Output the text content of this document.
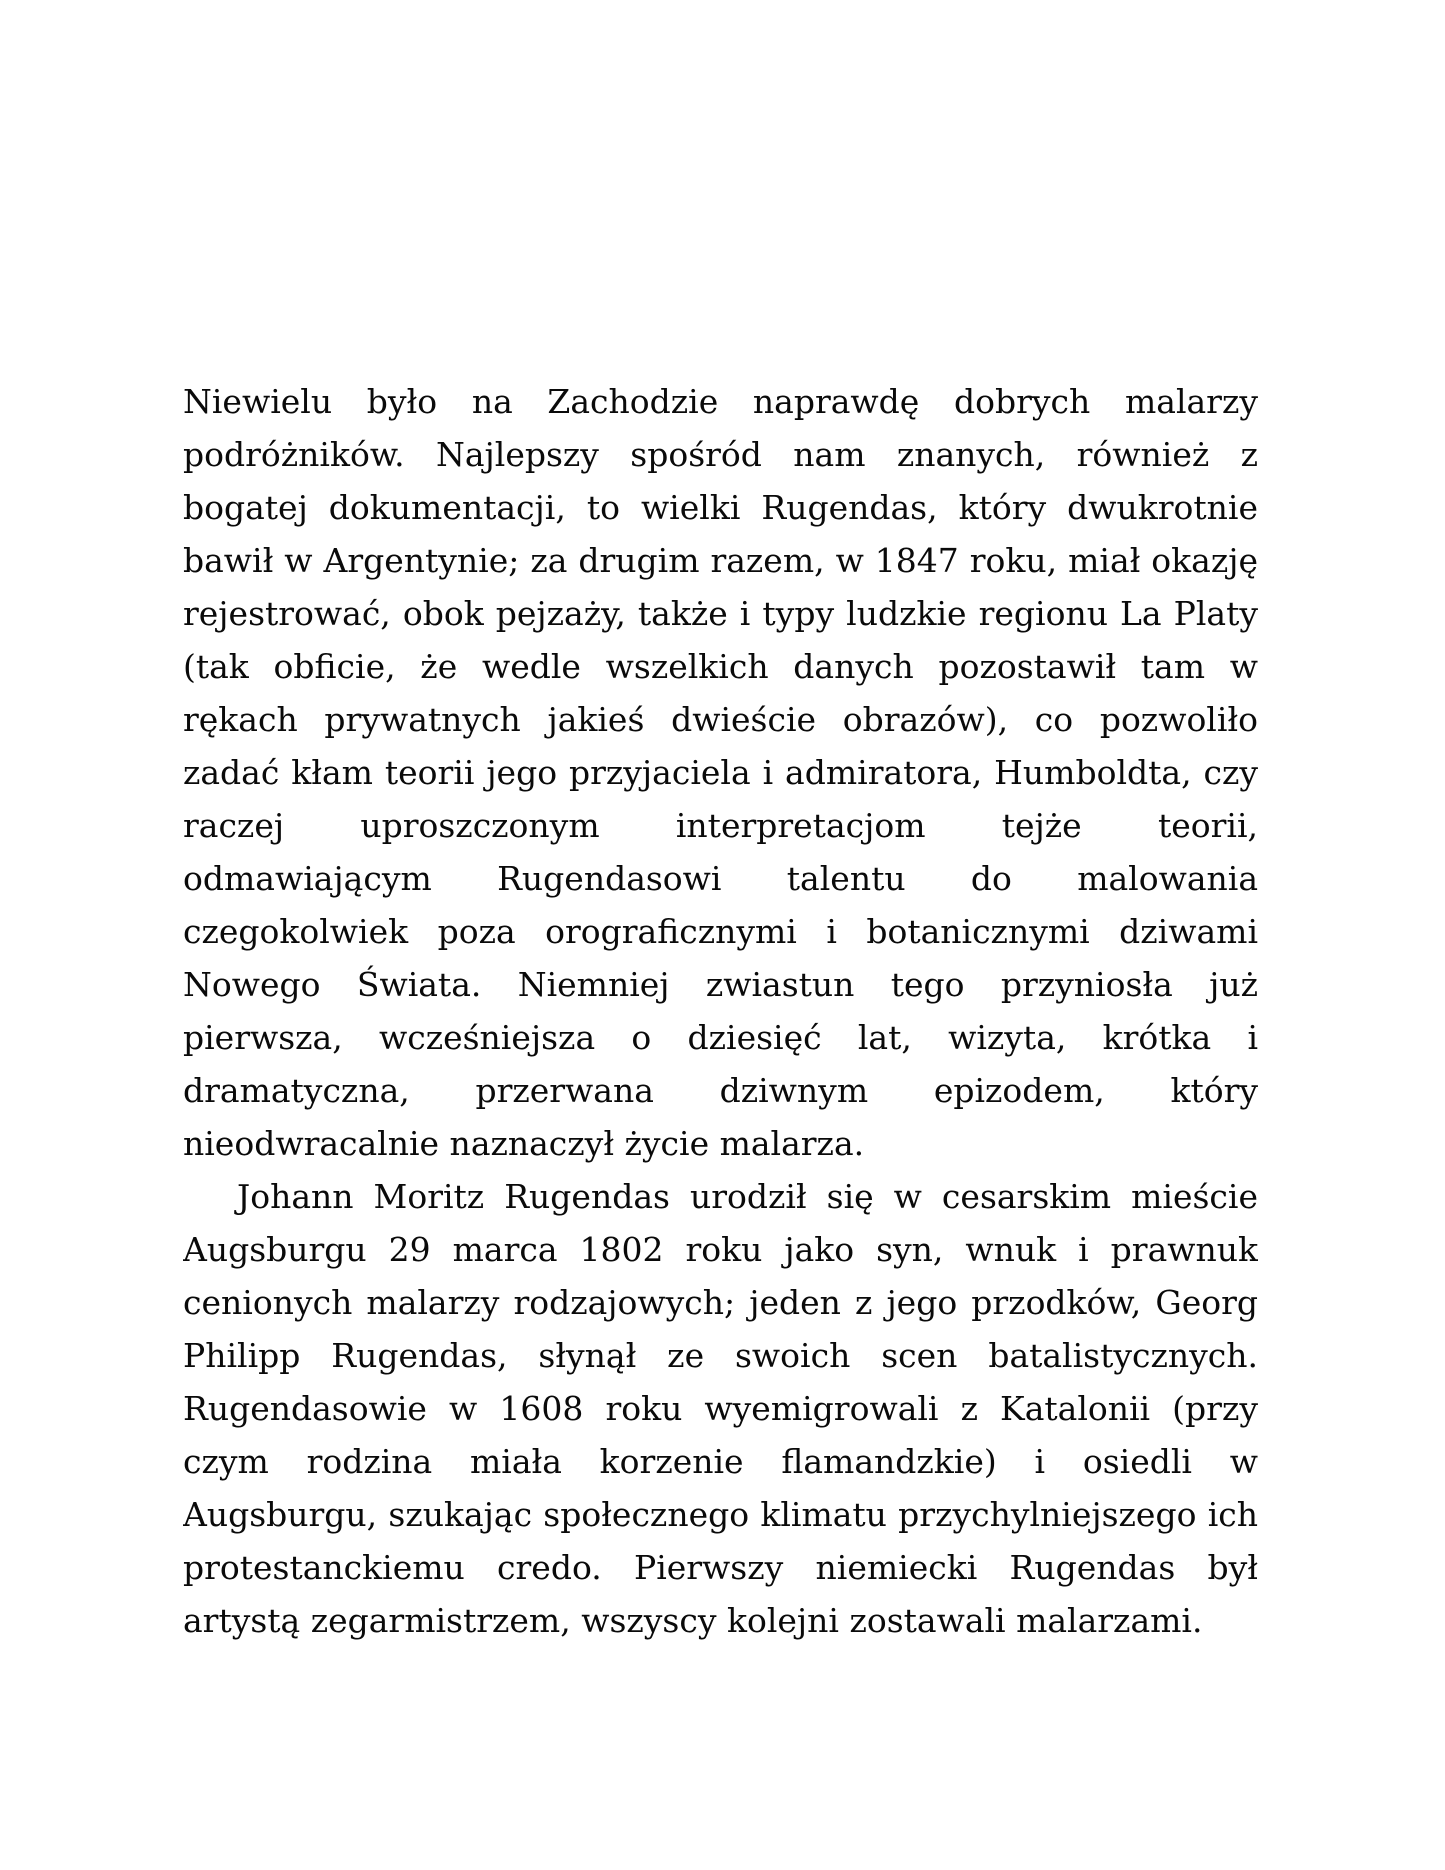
Niewielu było na Zachodzie naprawdę dobrych malarzy
podróżników. Najlepszy spośród nam znanych, również z
bogatej dokumentacji, to wielki Rugendas, który dwukrotnie
bawił w Argentynie; za drugim razem, w 1847 roku, miał okazję
rejestrować, obok pejzaży, także i typy ludzkie regionu La Platy
(tak obficie, że wedle wszelkich danych pozostawił tam w
rękach prywatnych jakieś dwieście obrazów), co pozwoliło
zadać kłam teorii jego przyjaciela i admiratora, Humboldta, czy
raczej uproszczonym interpretacjom tejże teorii,
odmawiającym Rugendasowi talentu do malowania
czegokolwiek poza orograficznymi i botanicznymi dziwami
Nowego Świata. Niemniej zwiastun tego przyniosła już
pierwsza, wcześniejsza o dziesięć lat, wizyta, krótka i
dramatyczna, przerwana dziwnym epizodem, który
nieodwracalnie naznaczył życie malarza.
Johann Moritz Rugendas urodził się w cesarskim mieście
Augsburgu 29 marca 1802 roku jako syn, wnuk i prawnuk
cenionych malarzy rodzajowych; jeden z jego przodków, Georg
Philipp Rugendas, słynął ze swoich scen batalistycznych.
Rugendasowie w 1608 roku wyemigrowali z Katalonii (przy
czym rodzina miała korzenie flamandzkie) i osiedli w
Augsburgu, szukając społecznego klimatu przychylniejszego ich
protestanckiemu credo. Pierwszy niemiecki Rugendas był
artystą zegarmistrzem, wszyscy kolejni zostawali malarzami.
